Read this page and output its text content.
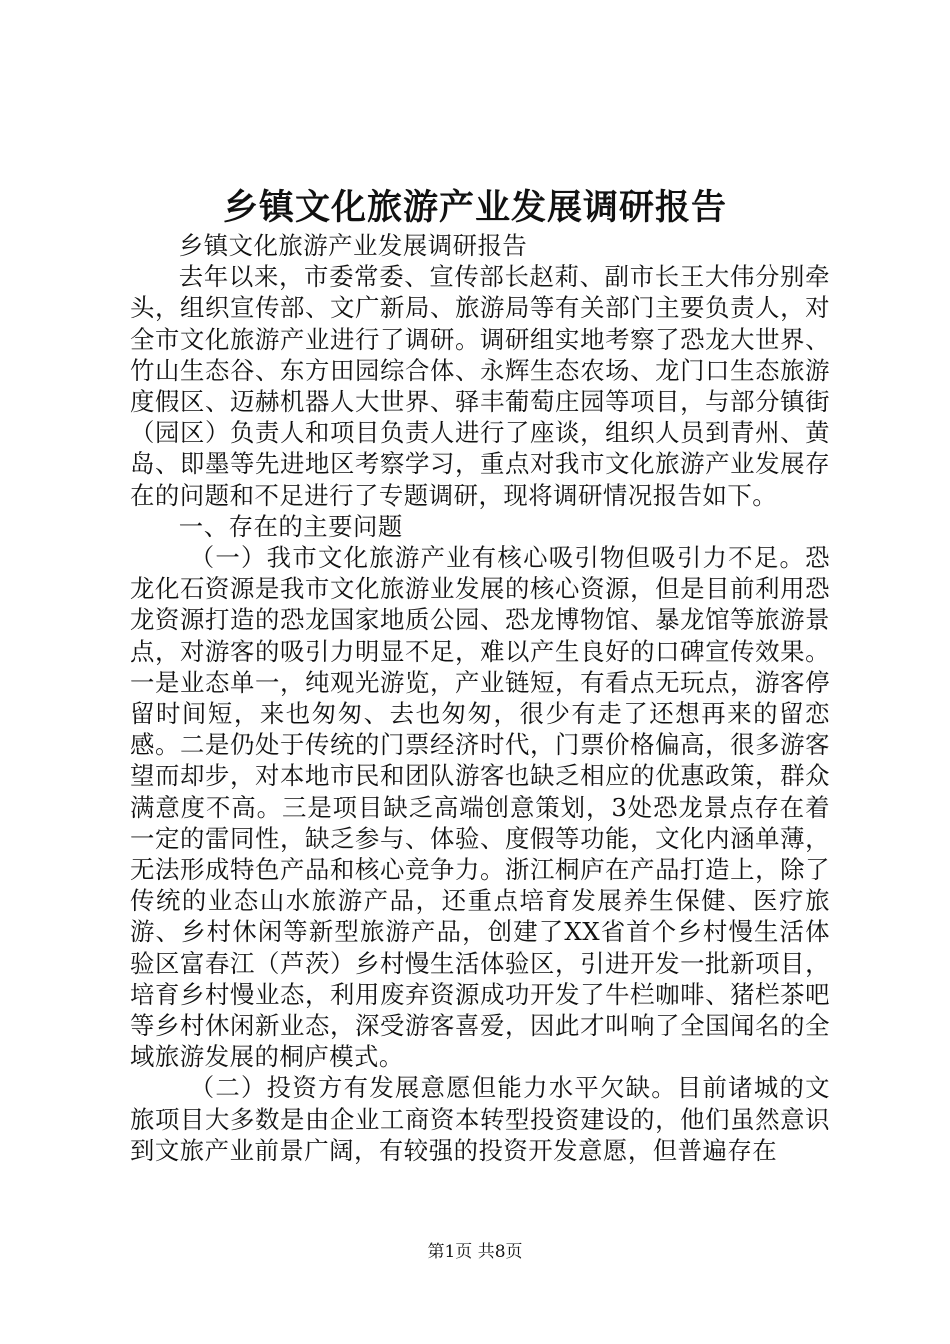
乡镇文化旅游产业发展调研报告

乡镇文化旅游产业发展调研报告

去年以来，市委常委、宣传部长赵莉、副市长王大伟分别牵头，组织宣传部、文广新局、旅游局等有关部门主要负责人，对全市文化旅游产业进行了调研。调研组实地考察了恐龙大世界、竹山生态谷、东方田园综合体、永辉生态农场、龙门口生态旅游度假区、迈赫机器人大世界、驿丰葡萄庄园等项目，与部分镇街（园区）负责人和项目负责人进行了座谈，组织人员到青州、黄岛、即墨等先进地区考察学习，重点对我市文化旅游产业发展存在的问题和不足进行了专题调研，现将调研情况报告如下。

一、存在的主要问题

（一）我市文化旅游产业有核心吸引物但吸引力不足。恐龙化石资源是我市文化旅游业发展的核心资源，但是目前利用恐龙资源打造的恐龙国家地质公园、恐龙博物馆、暴龙馆等旅游景点，对游客的吸引力明显不足，难以产生良好的口碑宣传效果。一是业态单一，纯观光游览，产业链短，有看点无玩点，游客停留时间短，来也匆匆、去也匆匆，很少有走了还想再来的留恋感。二是仍处于传统的门票经济时代，门票价格偏高，很多游客望而却步，对本地市民和团队游客也缺乏相应的优惠政策，群众满意度不高。三是项目缺乏高端创意策划，3处恐龙景点存在着一定的雷同性，缺乏参与、体验、度假等功能，文化内涵单薄，无法形成特色产品和核心竞争力。浙江桐庐在产品打造上，除了传统的业态山水旅游产品，还重点培育发展养生保健、医疗旅游、乡村休闲等新型旅游产品，创建了XX省首个乡村慢生活体验区富春江（芦茨）乡村慢生活体验区，引进开发一批新项目，培育乡村慢业态，利用废弃资源成功开发了牛栏咖啡、猪栏茶吧等乡村休闲新业态，深受游客喜爱，因此才叫响了全国闻名的全域旅游发展的桐庐模式。

（二）投资方有发展意愿但能力水平欠缺。目前诸城的文旅项目大多数是由企业工商资本转型投资建设的，他们虽然意识到文旅产业前景广阔，有较强的投资开发意愿，但普遍存在

第1页 共8页
